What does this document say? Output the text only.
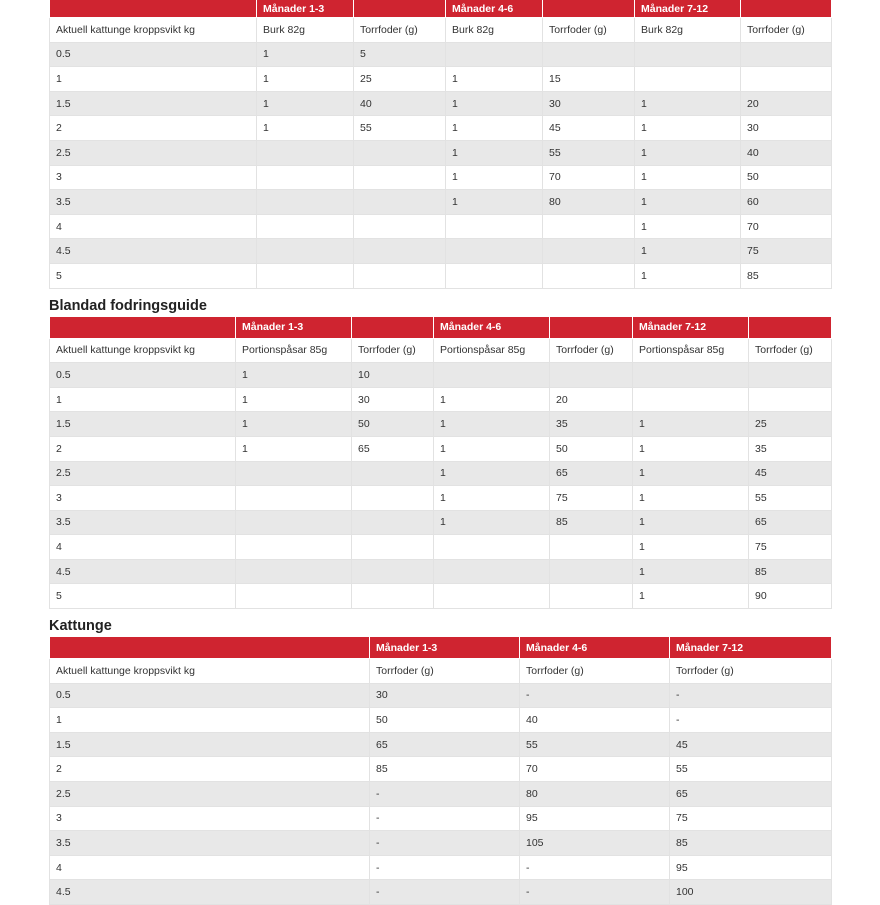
	Månader 1-3		Månader 4-6		Månader 7-12	
Aktuell kattunge kroppsvikt kg	Burk 82g	Torrfoder (g)	Burk 82g	Torrfoder (g)	Burk 82g	Torrfoder (g)
0.5	1	5				
1	1	25	1	15		
1.5	1	40	1	30	1	20
2	1	55	1	45	1	30
2.5			1	55	1	40
3			1	70	1	50
3.5			1	80	1	60
4					1	70
4.5					1	75
5					1	85
Blandad fodringsguide
	Månader 1-3		Månader 4-6		Månader 7-12	
Aktuell kattunge kroppsvikt kg	Portionspåsar 85g	Torrfoder (g)	Portionspåsar 85g	Torrfoder (g)	Portionspåsar 85g	Torrfoder (g)
0.5	1	10				
1	1	30	1	20		
1.5	1	50	1	35	1	25
2	1	65	1	50	1	35
2.5			1	65	1	45
3			1	75	1	55
3.5			1	85	1	65
4					1	75
4.5					1	85
5					1	90
Kattunge
	Månader 1-3	Månader 4-6	Månader 7-12
Aktuell kattunge kroppsvikt kg	Torrfoder (g)	Torrfoder (g)	Torrfoder (g)
0.5	30	-	-
1	50	40	-
1.5	65	55	45
2	85	70	55
2.5	-	80	65
3	-	95	75
3.5	-	105	85
4	-	-	95
4.5	-	-	100
